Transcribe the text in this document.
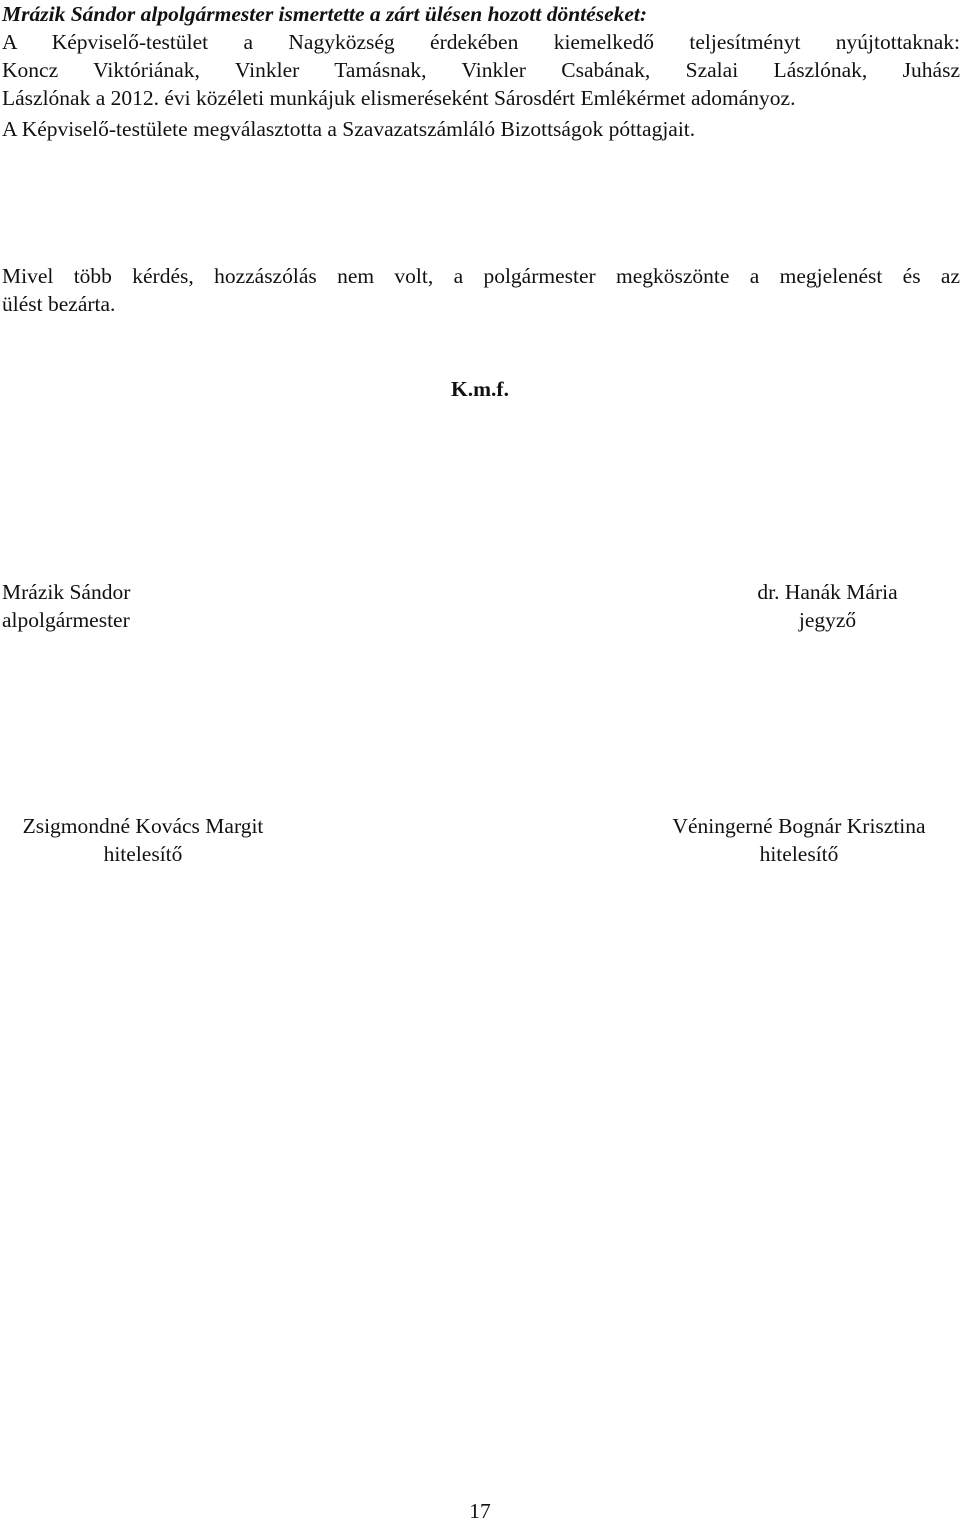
Mrázik Sándor alpolgármester ismertette a zárt ülésen hozott döntéseket:
A Képviselő-testület a Nagyközség érdekében kiemelkedő teljesítményt nyújtottaknak:
Koncz Viktóriának, Vinkler Tamásnak, Vinkler Csabának, Szalai Lászlónak, Juhász
Lászlónak a 2012. évi közéleti munkájuk elismeréseként Sárosdért Emlékérmet adományoz.
A Képviselő-testülete megválasztotta a Szavazatszámláló Bizottságok póttagjait.
Mivel több kérdés, hozzászólás nem volt, a polgármester megköszönte a megjelenést és az
ülést bezárta.
K.m.f.
Mrázik Sándor
alpolgármester
dr. Hanák Mária
jegyző
Zsigmondné Kovács Margit
hitelesítő
Véningerné Bognár Krisztina
hitelesítő
17
